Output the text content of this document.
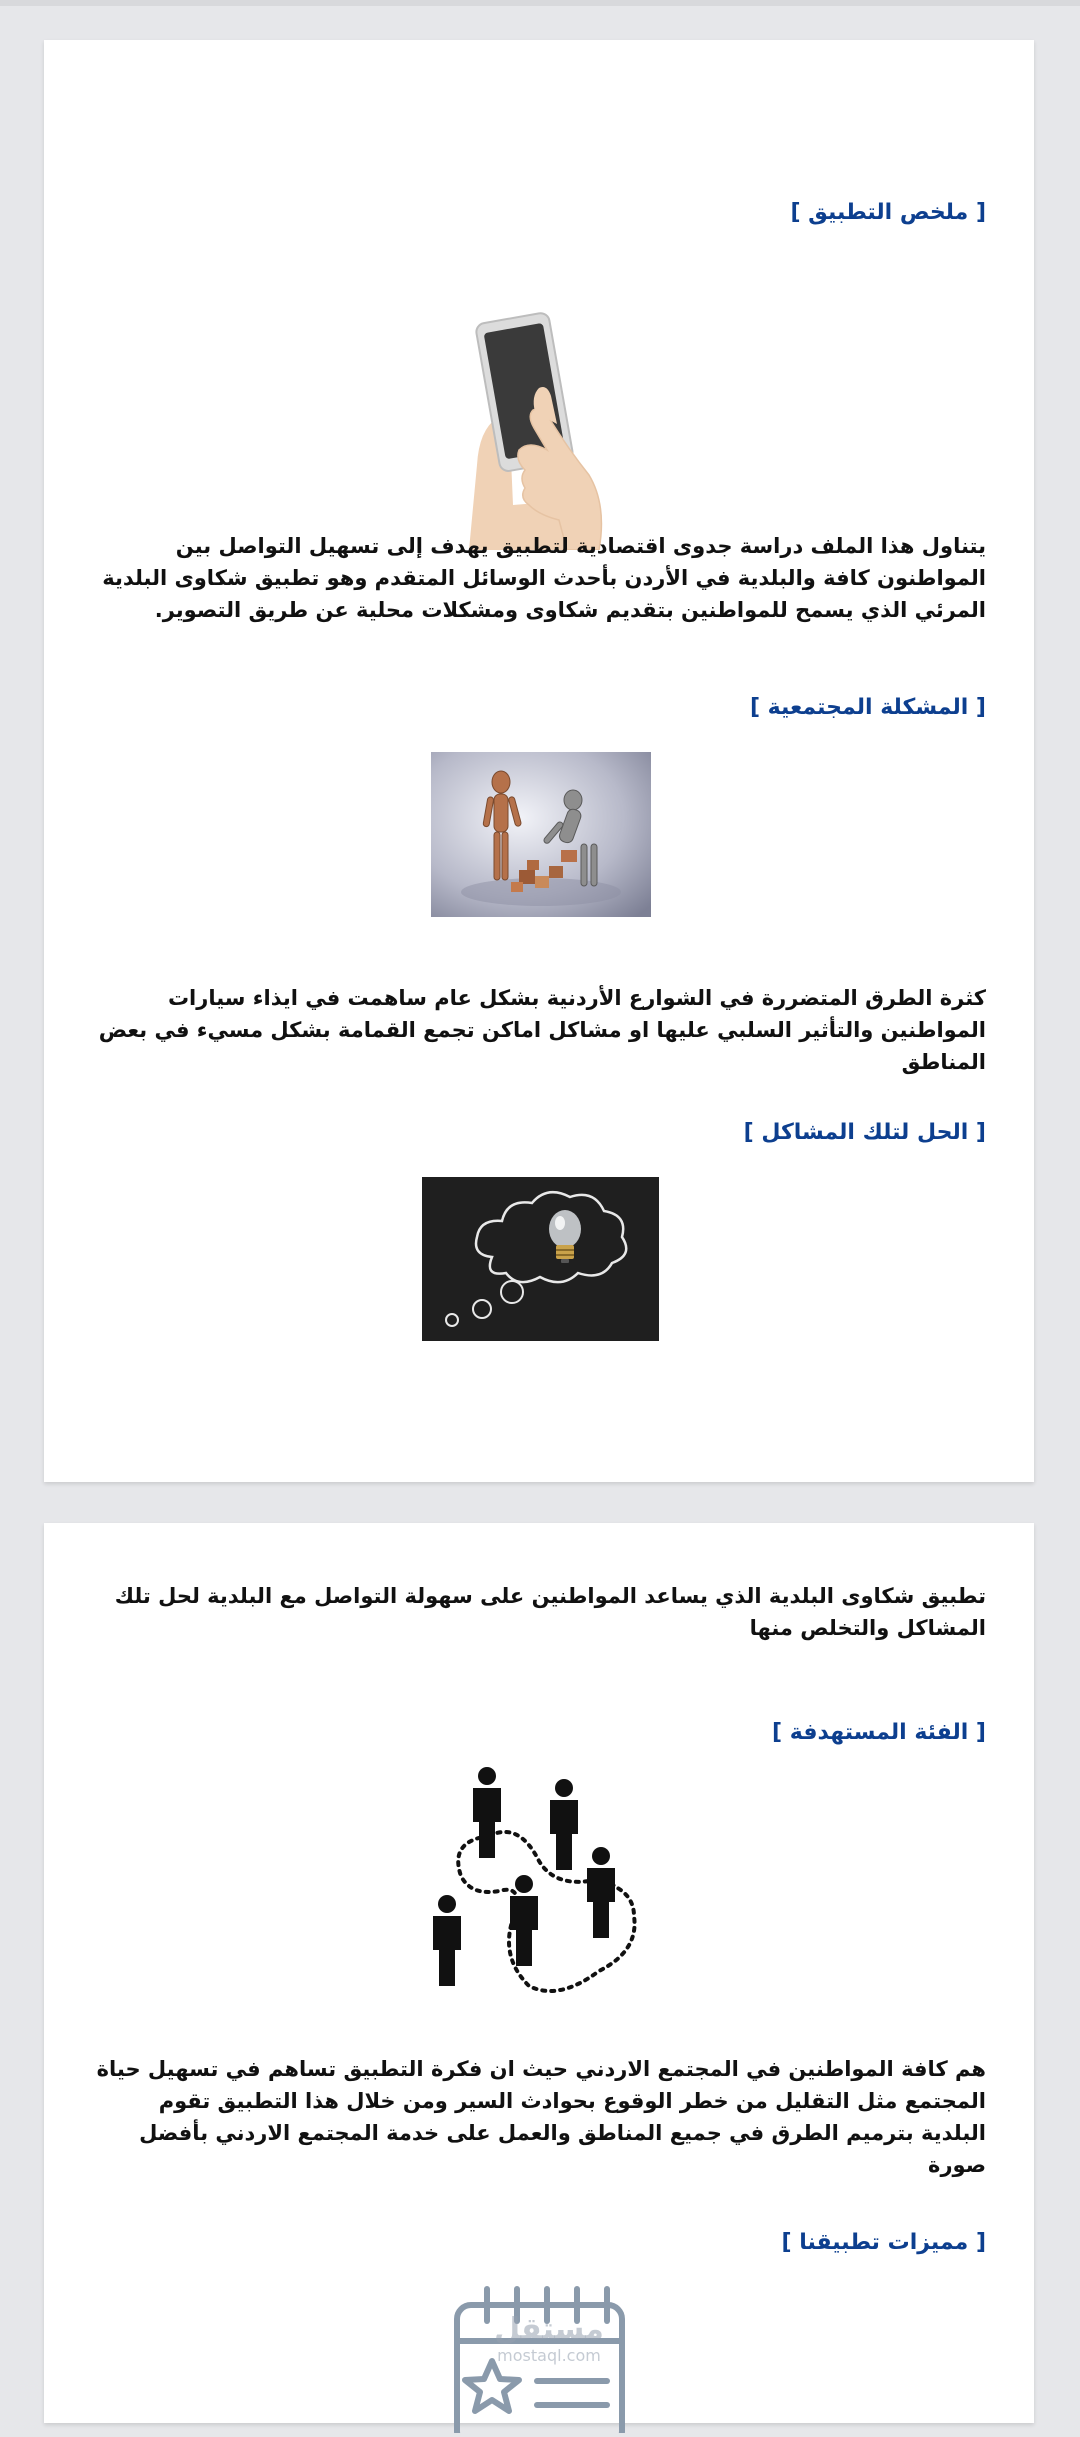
[ ملخص التطبيق ]

يتناول هذا الملف دراسة جدوى اقتصادية لتطبيق يهدف إلى تسهيل التواصل بين المواطنون كافة والبلدية في الأردن بأحدث الوسائل المتقدم وهو تطبيق شكاوى البلدية المرئي الذي يسمح للمواطنين بتقديم شكاوى ومشكلات محلية عن طريق التصوير.

[ المشكلة المجتمعية ]

كثرة الطرق المتضررة في الشوارع الأردنية بشكل عام ساهمت في ايذاء سيارات المواطنين والتأثير السلبي عليها او مشاكل اماكن تجمع القمامة بشكل مسيء في بعض المناطق

[ الحل لتلك المشاكل ]

تطبيق شكاوى البلدية الذي يساعد المواطنين على سهولة التواصل مع البلدية لحل تلك المشاكل والتخلص منها

[ الفئة المستهدفة ]

هم كافة المواطنين في المجتمع الاردني حيث ان فكرة التطبيق تساهم في تسهيل حياة المجتمع مثل التقليل من خطر الوقوع بحوادث السير ومن خلال هذا التطبيق تقوم البلدية بترميم الطرق في جميع المناطق والعمل على خدمة المجتمع الاردني بأفضل صورة

[ مميزات تطبيقنا ]
مستقل
mostaql.com
